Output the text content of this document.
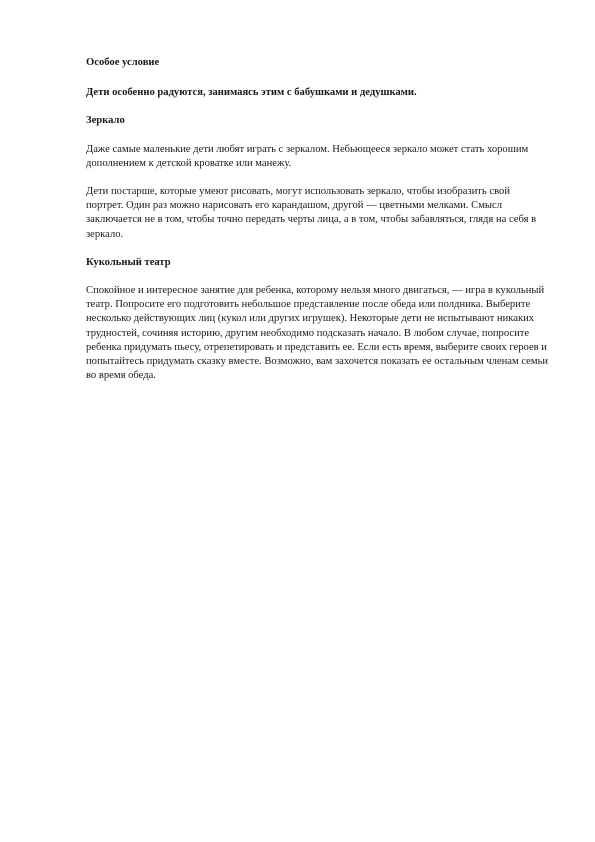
Особое условие

Дети особенно радуются, занимаясь этим с бабушками и дедушками.

Зеркало

Даже самые маленькие дети любят играть с зеркалом. Небьющееся зеркало может стать хорошим дополнением к детской кроватке или манежу.

Дети постарше, которые умеют рисовать, могут использовать зеркало, чтобы изобразить свой портрет. Один раз можно нарисовать его карандашом, другой — цветными мелками. Смысл заключается не в том, чтобы точно передать черты лица, а в том, чтобы забавляться, глядя на себя в зеркало.

Кукольный театр

Спокойное и интересное занятие для ребенка, которому нельзя много двигаться, — игра в кукольный театр. Попросите его подготовить небольшое представление после обеда или полдника. Выберите несколько действующих лиц (кукол или других игрушек). Некоторые дети не испытывают никаких трудностей, сочиняя историю, другим необходимо подсказать начало. В любом случае, попросите ребенка придумать пьесу, отрепетировать и представить ее. Если есть время, выберите своих героев и попытайтесь придумать сказку вместе. Возможно, вам захочется показать ее остальным членам семьи во время обеда.
